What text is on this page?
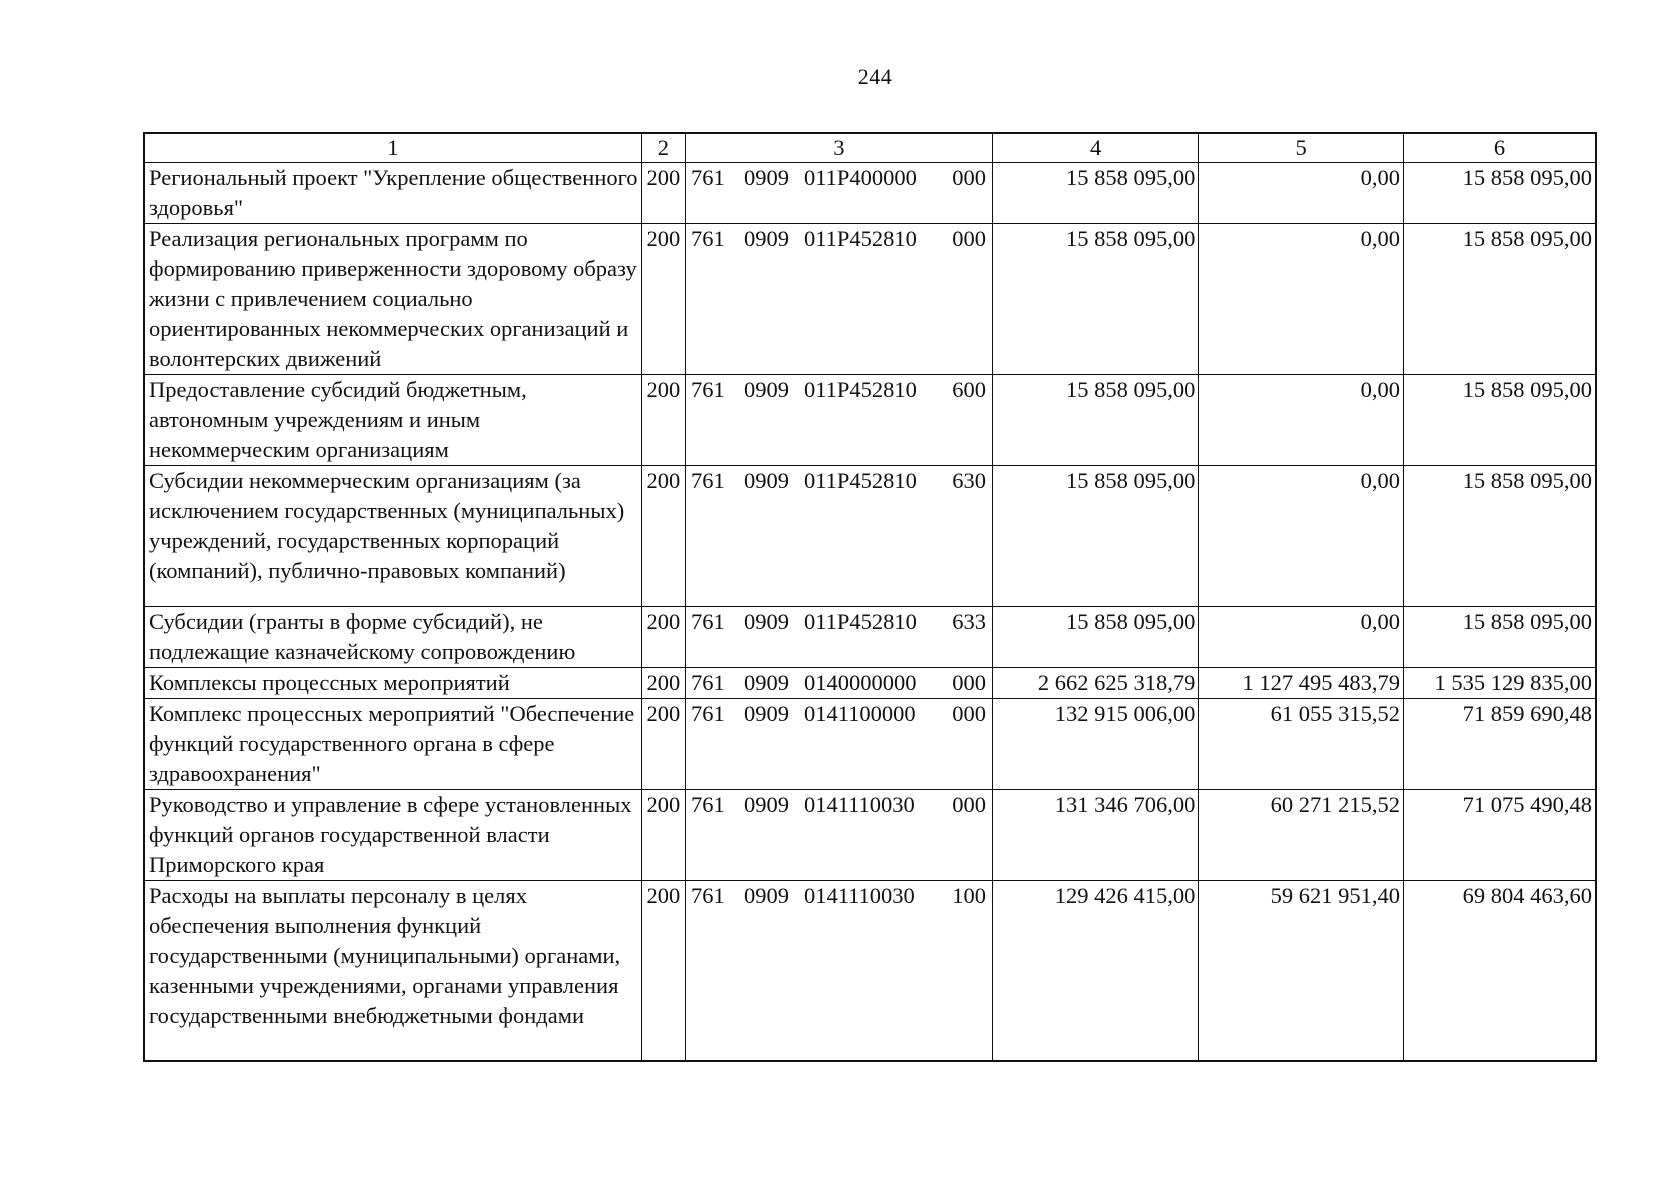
244
1	2	3	4	5	6
Региональный проект "Укрепление общественного здоровья"	200	761 0909 011P400000 000	15 858 095,00	0,00	15 858 095,00
Реализация региональных программ по формированию приверженности здоровому образу жизни с привлечением социально ориентированных некоммерческих организаций и волонтерских движений	200	761 0909 011P452810 000	15 858 095,00	0,00	15 858 095,00
Предоставление субсидий бюджетным, автономным учреждениям и иным некоммерческим организациям	200	761 0909 011P452810 600	15 858 095,00	0,00	15 858 095,00
Субсидии некоммерческим организациям (за исключением государственных (муниципальных) учреждений, государственных корпораций (компаний), публично-правовых компаний)	200	761 0909 011P452810 630	15 858 095,00	0,00	15 858 095,00
Субсидии (гранты в форме субсидий), не подлежащие казначейскому сопровождению	200	761 0909 011P452810 633	15 858 095,00	0,00	15 858 095,00
Комплексы процессных мероприятий	200	761 0909 0140000000 000	2 662 625 318,79	1 127 495 483,79	1 535 129 835,00
Комплекс процессных мероприятий "Обеспечение функций государственного органа в сфере здравоохранения"	200	761 0909 0141100000 000	132 915 006,00	61 055 315,52	71 859 690,48
Руководство и управление в сфере установленных функций органов государственной власти Приморского края	200	761 0909 0141110030 000	131 346 706,00	60 271 215,52	71 075 490,48
Расходы на выплаты персоналу в целях обеспечения выполнения функций государственными (муниципальными) органами, казенными учреждениями, органами управления государственными внебюджетными фондами	200	761 0909 0141110030 100	129 426 415,00	59 621 951,40	69 804 463,60
